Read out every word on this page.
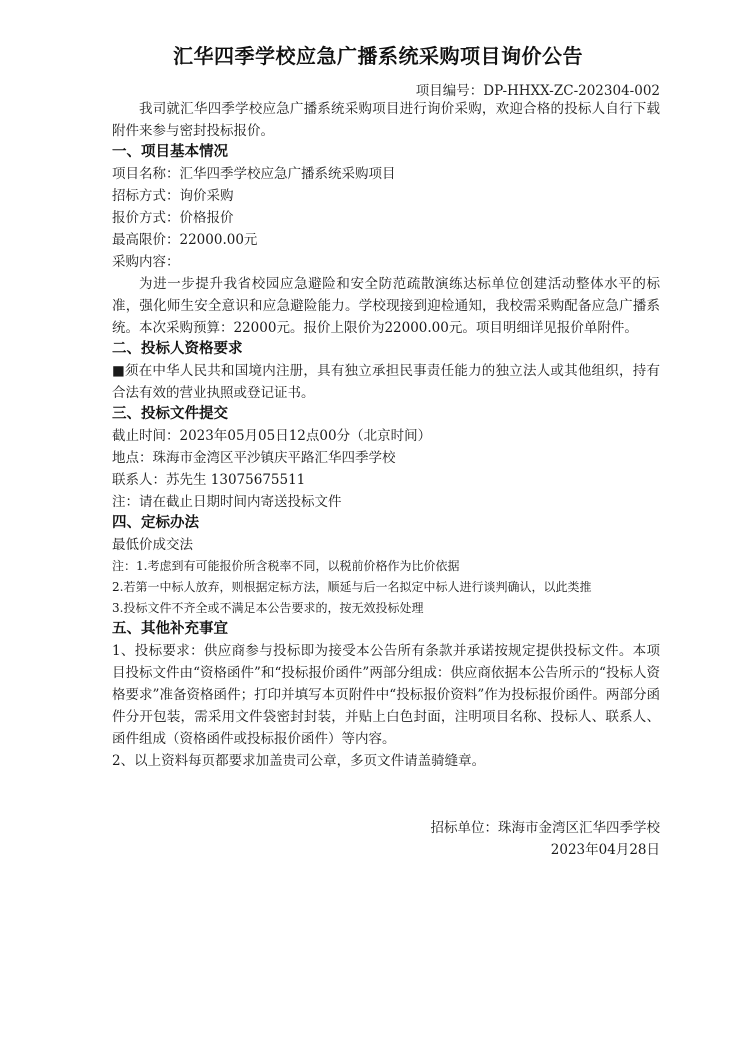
汇华四季学校应急广播系统采购项目询价公告
项目编号：DP-HHXX-ZC-202304-002

我司就汇华四季学校应急广播系统采购项目进行询价采购，欢迎合格的投标人自行下载附件来参与密封投标报价。

一、项目基本情况

项目名称：汇华四季学校应急广播系统采购项目

招标方式：询价采购

报价方式：价格报价

最高限价：22000.00元

采购内容：

为进一步提升我省校园应急避险和安全防范疏散演练达标单位创建活动整体水平的标准，强化师生安全意识和应急避险能力。学校现接到迎检通知，我校需采购配备应急广播系统。本次采购预算：22000元。报价上限价为22000.00元。项目明细详见报价单附件。

二、投标人资格要求

■须在中华人民共和国境内注册，具有独立承担民事责任能力的独立法人或其他组织，持有合法有效的营业执照或登记证书。

三、投标文件提交

截止时间：2023年05月05日12点00分（北京时间）

地点：珠海市金湾区平沙镇庆平路汇华四季学校

联系人：苏先生 13075675511

注：请在截止日期时间内寄送投标文件

四、定标办法

最低价成交法

注：1.考虑到有可能报价所含税率不同，以税前价格作为比价依据

2.若第一中标人放弃，则根据定标方法，顺延与后一名拟定中标人进行谈判确认，以此类推

3.投标文件不齐全或不满足本公告要求的，按无效投标处理

五、其他补充事宜

1、投标要求：供应商参与投标即为接受本公告所有条款并承诺按规定提供投标文件。本项目投标文件由“资格函件”和“投标报价函件”两部分组成：供应商依据本公告所示的“投标人资格要求”准备资格函件；打印并填写本页附件中“投标报价资料”作为投标报价函件。两部分函件分开包装，需采用文件袋密封封装，并贴上白色封面，注明项目名称、投标人、联系人、函件组成（资格函件或投标报价函件）等内容。

2、以上资料每页都要求加盖贵司公章，多页文件请盖骑缝章。

招标单位：珠海市金湾区汇华四季学校

2023年04月28日
